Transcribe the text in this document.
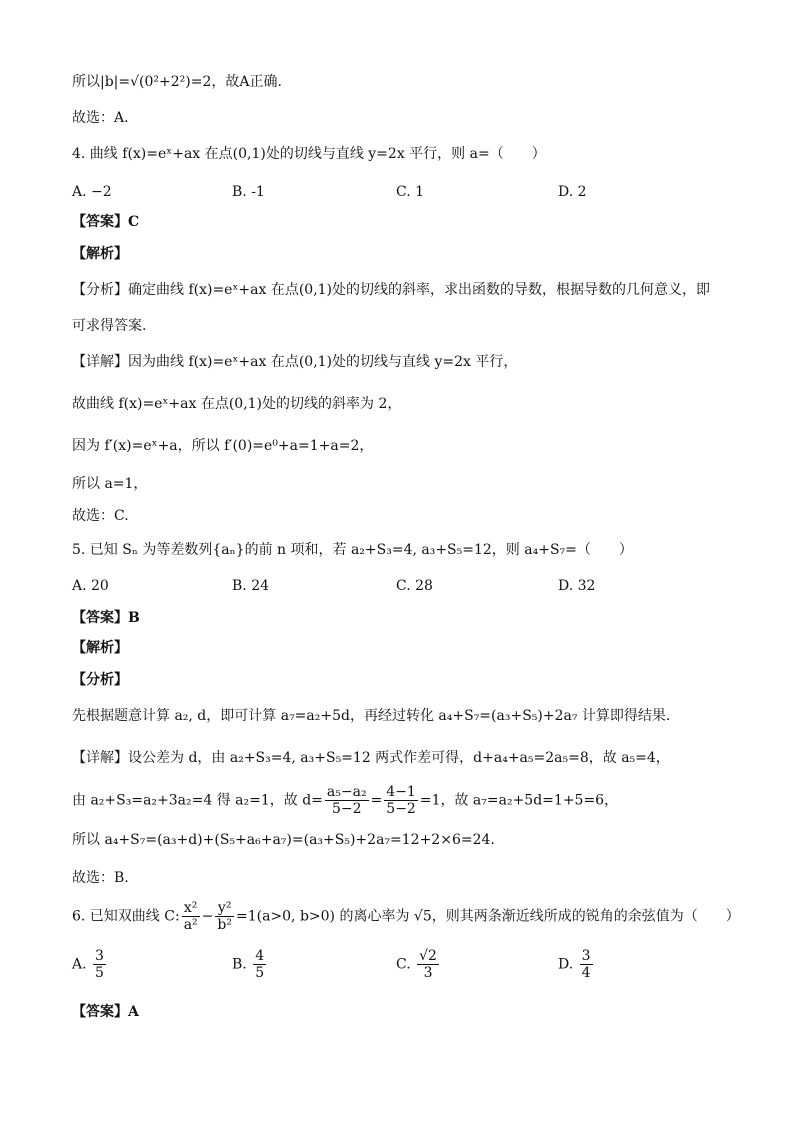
所以|b|=√(0²+2²)=2，故A正确.
故选：A.
4. 曲线 f(x)=eˣ+ax 在点(0,1)处的切线与直线 y=2x 平行，则 a=（　　）
A. −2	B. -1	C. 1	D. 2
【答案】C
【解析】
【分析】确定曲线 f(x)=eˣ+ax 在点(0,1)处的切线的斜率，求出函数的导数，根据导数的几何意义，即
可求得答案.
【详解】因为曲线 f(x)=eˣ+ax 在点(0,1)处的切线与直线 y=2x 平行，
故曲线 f(x)=eˣ+ax 在点(0,1)处的切线的斜率为 2，
因为 f′(x)=eˣ+a，所以 f′(0)=e⁰+a=1+a=2，
所以 a=1，
故选：C.
5. 已知 Sₙ 为等差数列{aₙ}的前 n 项和，若 a₂+S₃=4, a₃+S₅=12，则 a₄+S₇=（　　）
A. 20	B. 24	C. 28	D. 32
【答案】B
【解析】
【分析】
先根据题意计算 a₂, d，即可计算 a₇=a₂+5d，再经过转化 a₄+S₇=(a₃+S₅)+2a₇ 计算即得结果.
【详解】设公差为 d，由 a₂+S₃=4, a₃+S₅=12 两式作差可得，d+a₄+a₅=2a₅=8，故 a₅=4，
由 a₂+S₃=a₂+3a₂=4 得 a₂=1，故 $d= \frac{\text{a₅−a₂}}{5-2} = \frac{4-1}{5-2} =1$，故 a₇=a₂+5d=1+5=6，
所以 a₄+S₇=(a₃+d)+(S₅+a₆+a₇)=(a₃+S₅)+2a₇=12+2×6=24.
故选：B.
6. 已知双曲线 C: $\frac{\text{x²}}{\text{a²}} - \frac{\text{y²}}{\text{b²}} =1(a>0$, b>0) 的离心率为 √5，则其两条渐近线所成的锐角的余弦值为（　　）
A. $\frac{3}{5}$	B. $\frac{4}{5}$	C. $\frac{√2}{3}$	D. $\frac{3}{4}$
【答案】A
